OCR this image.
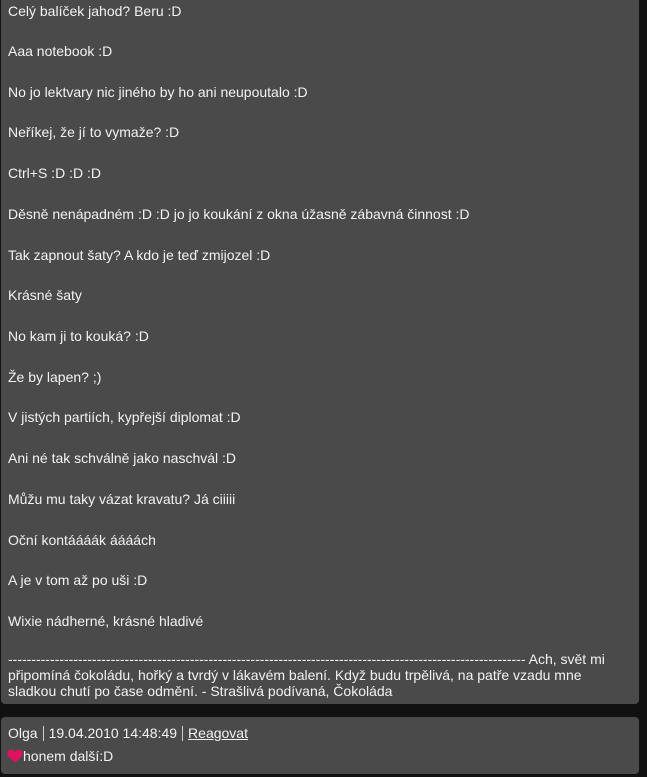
Celý balíček jahod? Beru :D
Aaa notebook :D
No jo lektvary nic jiného by ho ani neupoutalo :D
Neříkej, že jí to vymaže? :D
Ctrl+S :D :D :D
Děsně nenápadném :D :D jo jo koukání z okna úžasně zábavná činnost :D
Tak zapnout šaty? A kdo je teď zmijozel :D
Krásné šaty
No kam ji to kouká? :D
Že by lapen? ;)
V jistých partiích, kypřejší diplomat :D
Ani né tak schválně jako naschvál :D
Můžu mu taky vázat kravatu? Já ciiiii
Oční kontáááák áááách
A je v tom až po uši :D
Wixie nádherné, krásné hladivé
--------------------------------------------------------------------------------------------------------------- Ach, svět mi
připomíná čokoládu, hořký a tvrdý v lákavém balení. Když budu trpělivá, na patře vzadu mne
sladkou chutí po čase odmění. - Strašlivá podívaná, Čokoláda
Olga 19.04.2010 14:48:49 Reagovat
honem další:D
